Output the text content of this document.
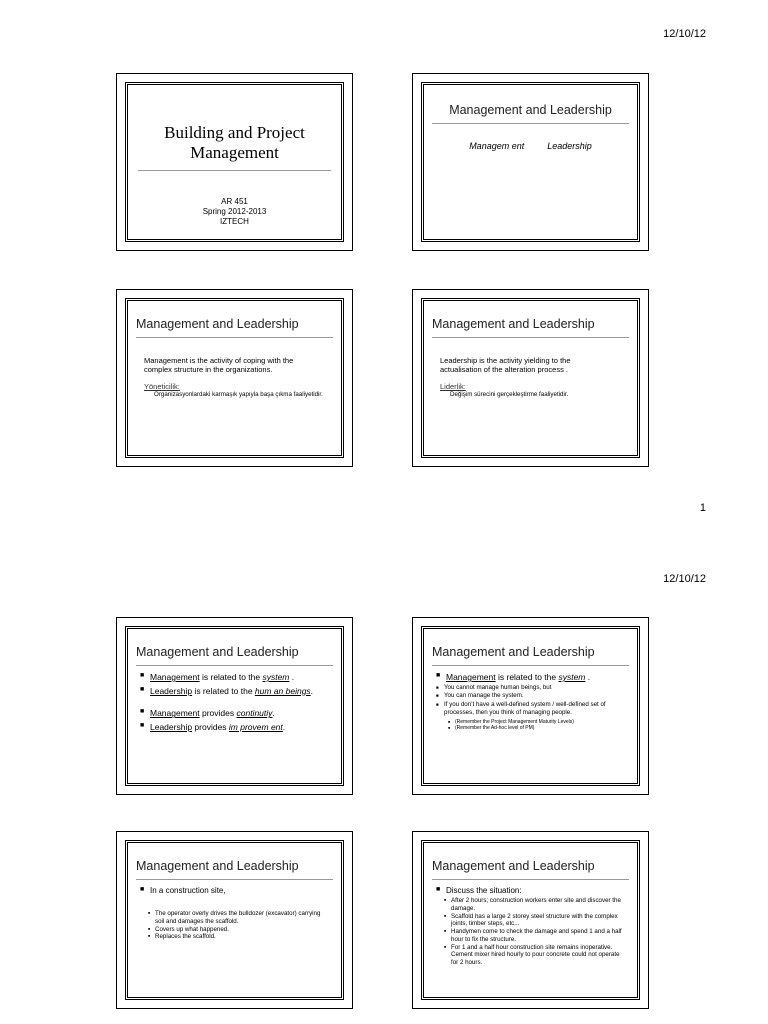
12/10/12
Building and Project Management
AR 451
Spring 2012-2013
IZTECH
Management and Leadership
Managem ent	Leadership
Management and Leadership
Management is the activity of coping with the complex structure in the organizations.
Yöneticilik:
Organizasyonlardaki karmaşık yapıyla başa çıkma faaliyetidir.
Management and Leadership
Leadership is the activity yielding to the actualisation of the alteration process .
Liderlik:
Değişim sürecini gerçekleştirme faaliyetidir.
1
12/10/12
Management and Leadership
■ Management is related to the system .
■ Leadership is related to the hum an beings.
■ Management provides continutiy.
■ Leadership provides im provem ent.
Management and Leadership
■ Management is related to the system .
■ You cannot manage human beings, but
■ You can manage the system.
■ If you don’t have a well-defined system / well-defined set of processes, then you think of managing people.
■ (Remember the Project Management Maturity Levels)
■ (Remember the Ad-hoc level of PM)
Management and Leadership
■ In a construction site,
■ The operator overly drives the bulldozer (excavator) carrying soil and damages the scaffold.
■ Covers up what happened.
■ Replaces the scaffold.
Management and Leadership
■ Discuss the situation:
■ After 2 hours; construction workers enter site and discover the damage.
■ Scaffold has a large 2 storey steel structure with the complex joints, timber steps, etc...
■ Handymen come to check the damage and spend 1 and a half hour to fix the structure.
■ For 1 and a half hour construction site remains inoperative. Cement mixer hired hourly to pour concrete could not operate for 2 hours.
